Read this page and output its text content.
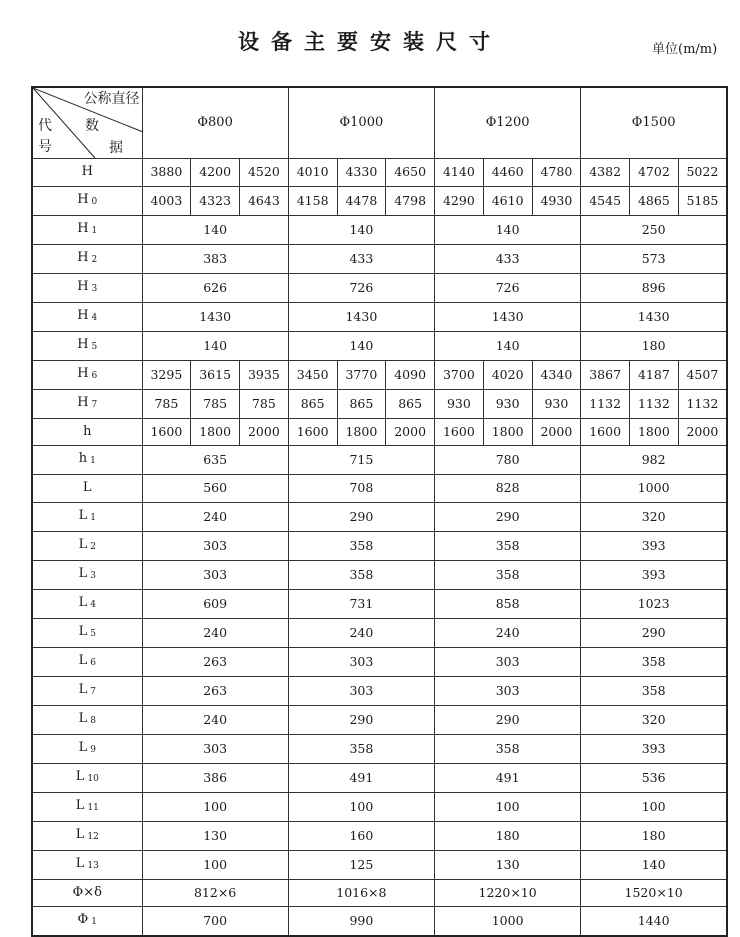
设备主要安装尺寸	单位(m/m)
公称直径
数
据
代
号	Φ800			Φ1000			Φ1200			Φ1500		
H	3880	4200	4520	4010	4330	4650	4140	4460	4780	4382	4702	5022
H $_0$	4003	4323	4643	4158	4478	4798	4290	4610	4930	4545	4865	5185
H $_1$	140			140			140			250		
H $_2$	383			433			433			573		
H $_3$	626			726			726			896		
H $_4$	1430			1430			1430			1430		
H $_5$	140			140			140			180		
H $_6$	3295	3615	3935	3450	3770	4090	3700	4020	4340	3867	4187	4507
H $_7$	785	785	785	865	865	865	930	930	930	1132	1132	1132
h	1600	1800	2000	1600	1800	2000	1600	1800	2000	1600	1800	2000
h $_1$	635			715			780			982		
L	560			708			828			1000		
L $_1$	240			290			290			320		
L $_2$	303			358			358			393		
L $_3$	303			358			358			393		
L $_4$	609			731			858			1023		
L $_5$	240			240			240			290		
L $_6$	263			303			303			358		
L $_7$	263			303			303			358		
L $_8$	240			290			290			320		
L $_9$	303			358			358			393		
L $_{10}$	386			491			491			536		
L $_{11}$	100			100			100			100		
L $_{12}$	130			160			180			180		
L $_{13}$	100			125			130			140		
Φ×δ	812×6			1016×8			1220×10			1520×10		
Φ $_1$	700			990			1000			1440		
